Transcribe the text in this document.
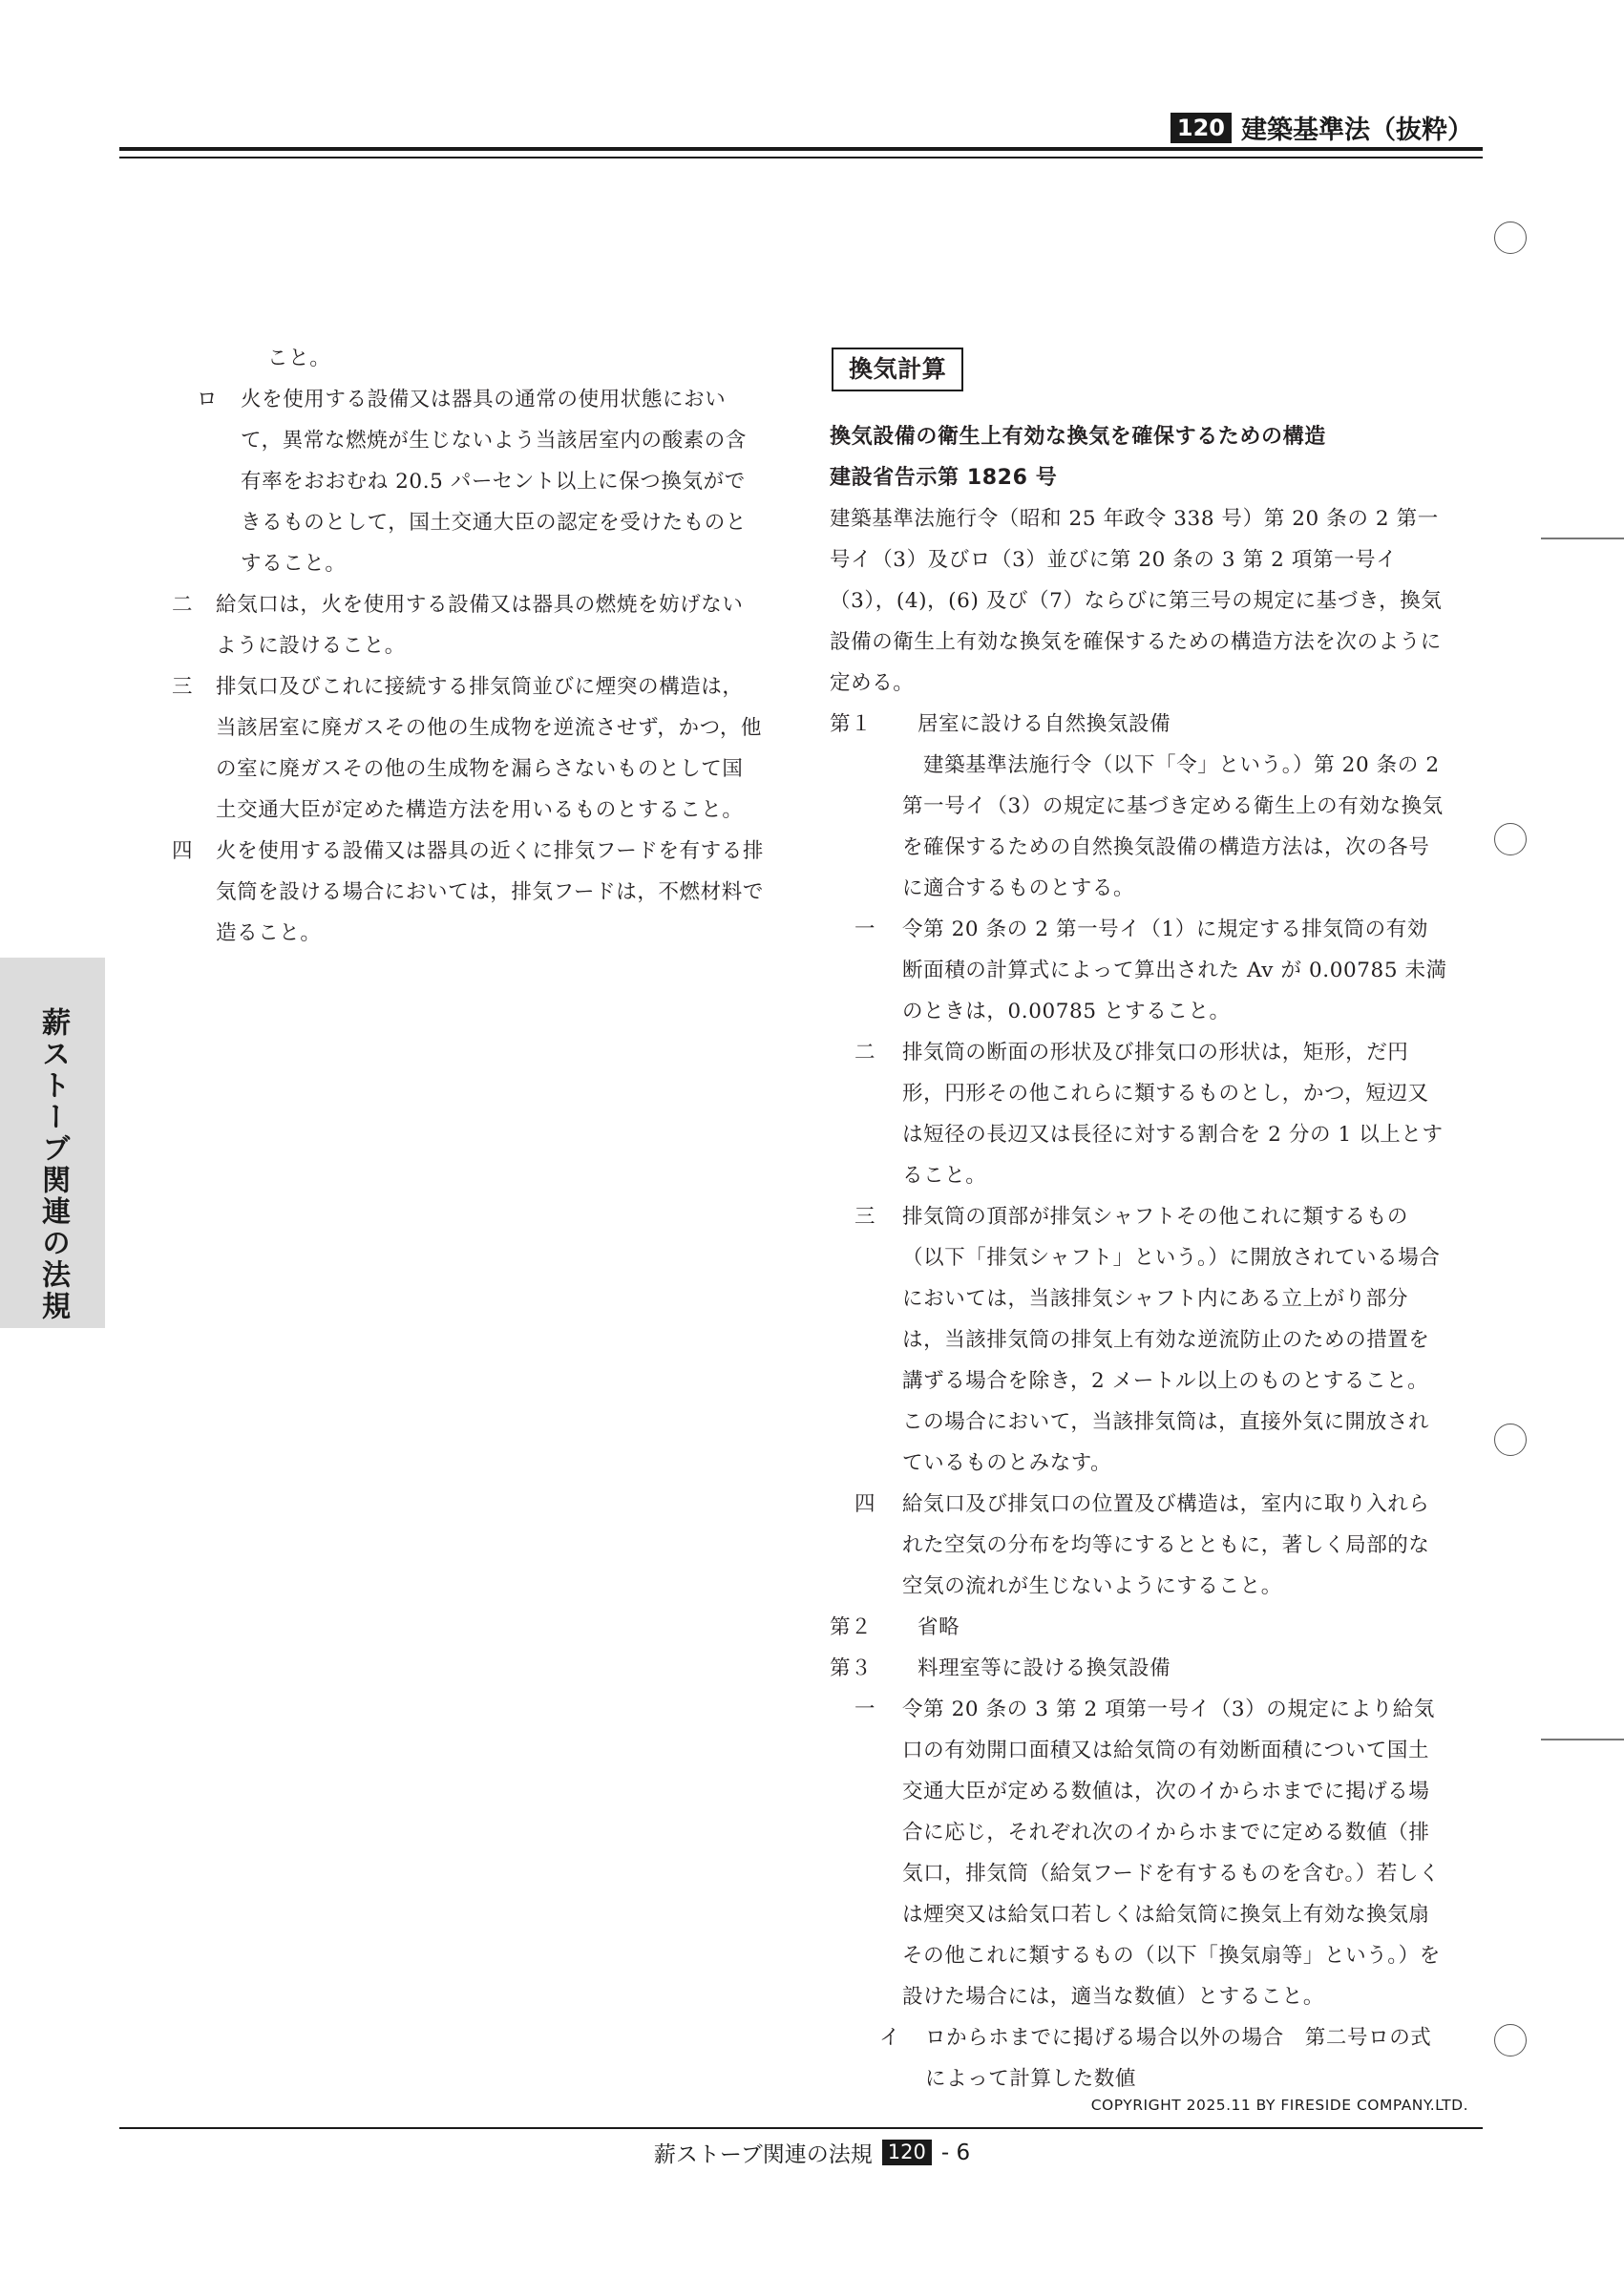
120 建築基準法（抜粋）
薪ストーブ関連の法規
こと。
ロ 火を使用する設備又は器具の通常の使用状態において，異常な燃焼が生じないよう当該居室内の酸素の含有率をおおむね 20.5 パーセント以上に保つ換気ができるものとして，国土交通大臣の認定を受けたものとすること。
二 給気口は，火を使用する設備又は器具の燃焼を妨げないように設けること。
三 排気口及びこれに接続する排気筒並びに煙突の構造は，当該居室に廃ガスその他の生成物を逆流させず，かつ，他の室に廃ガスその他の生成物を漏らさないものとして国土交通大臣が定めた構造方法を用いるものとすること。
四 火を使用する設備又は器具の近くに排気フードを有する排気筒を設ける場合においては，排気フードは，不燃材料で造ること。
換気計算
換気設備の衛生上有効な換気を確保するための構造
建設省告示第 1826 号
建築基準法施行令（昭和 25 年政令 338 号）第 20 条の 2 第一号イ（3）及びロ（3）並びに第 20 条の 3 第 2 項第一号イ（3），(4)，(6) 及び（7）ならびに第三号の規定に基づき，換気設備の衛生上有効な換気を確保するための構造方法を次のように定める。
第１ 居室に設ける自然換気設備
建築基準法施行令（以下「令」という。）第 20 条の 2 第一号イ（3）の規定に基づき定める衛生上の有効な換気を確保するための自然換気設備の構造方法は，次の各号に適合するものとする。
一 令第 20 条の 2 第一号イ（1）に規定する排気筒の有効断面積の計算式によって算出された Av が 0.00785 未満のときは，0.00785 とすること。
二 排気筒の断面の形状及び排気口の形状は，矩形，だ円形，円形その他これらに類するものとし，かつ，短辺又は短径の長辺又は長径に対する割合を 2 分の 1 以上とすること。
三 排気筒の頂部が排気シャフトその他これに類するもの（以下「排気シャフト」という。）に開放されている場合においては，当該排気シャフト内にある立上がり部分は，当該排気筒の排気上有効な逆流防止のための措置を講ずる場合を除き，2 メートル以上のものとすること。この場合において，当該排気筒は，直接外気に開放されているものとみなす。
四 給気口及び排気口の位置及び構造は，室内に取り入れられた空気の分布を均等にするとともに，著しく局部的な空気の流れが生じないようにすること。
第２ 省略
第３ 料理室等に設ける換気設備
一 令第 20 条の 3 第 2 項第一号イ（3）の規定により給気口の有効開口面積又は給気筒の有効断面積について国土交通大臣が定める数値は，次のイからホまでに掲げる場合に応じ，それぞれ次のイからホまでに定める数値（排気口，排気筒（給気フードを有するものを含む。）若しくは煙突又は給気口若しくは給気筒に換気上有効な換気扇その他これに類するもの（以下「換気扇等」という。）を設けた場合には，適当な数値）とすること。
イ ロからホまでに掲げる場合以外の場合　第二号ロの式によって計算した数値
COPYRIGHT 2025.11 BY FIRESIDE COMPANY.LTD.
薪ストーブ関連の法規 120 - 6
